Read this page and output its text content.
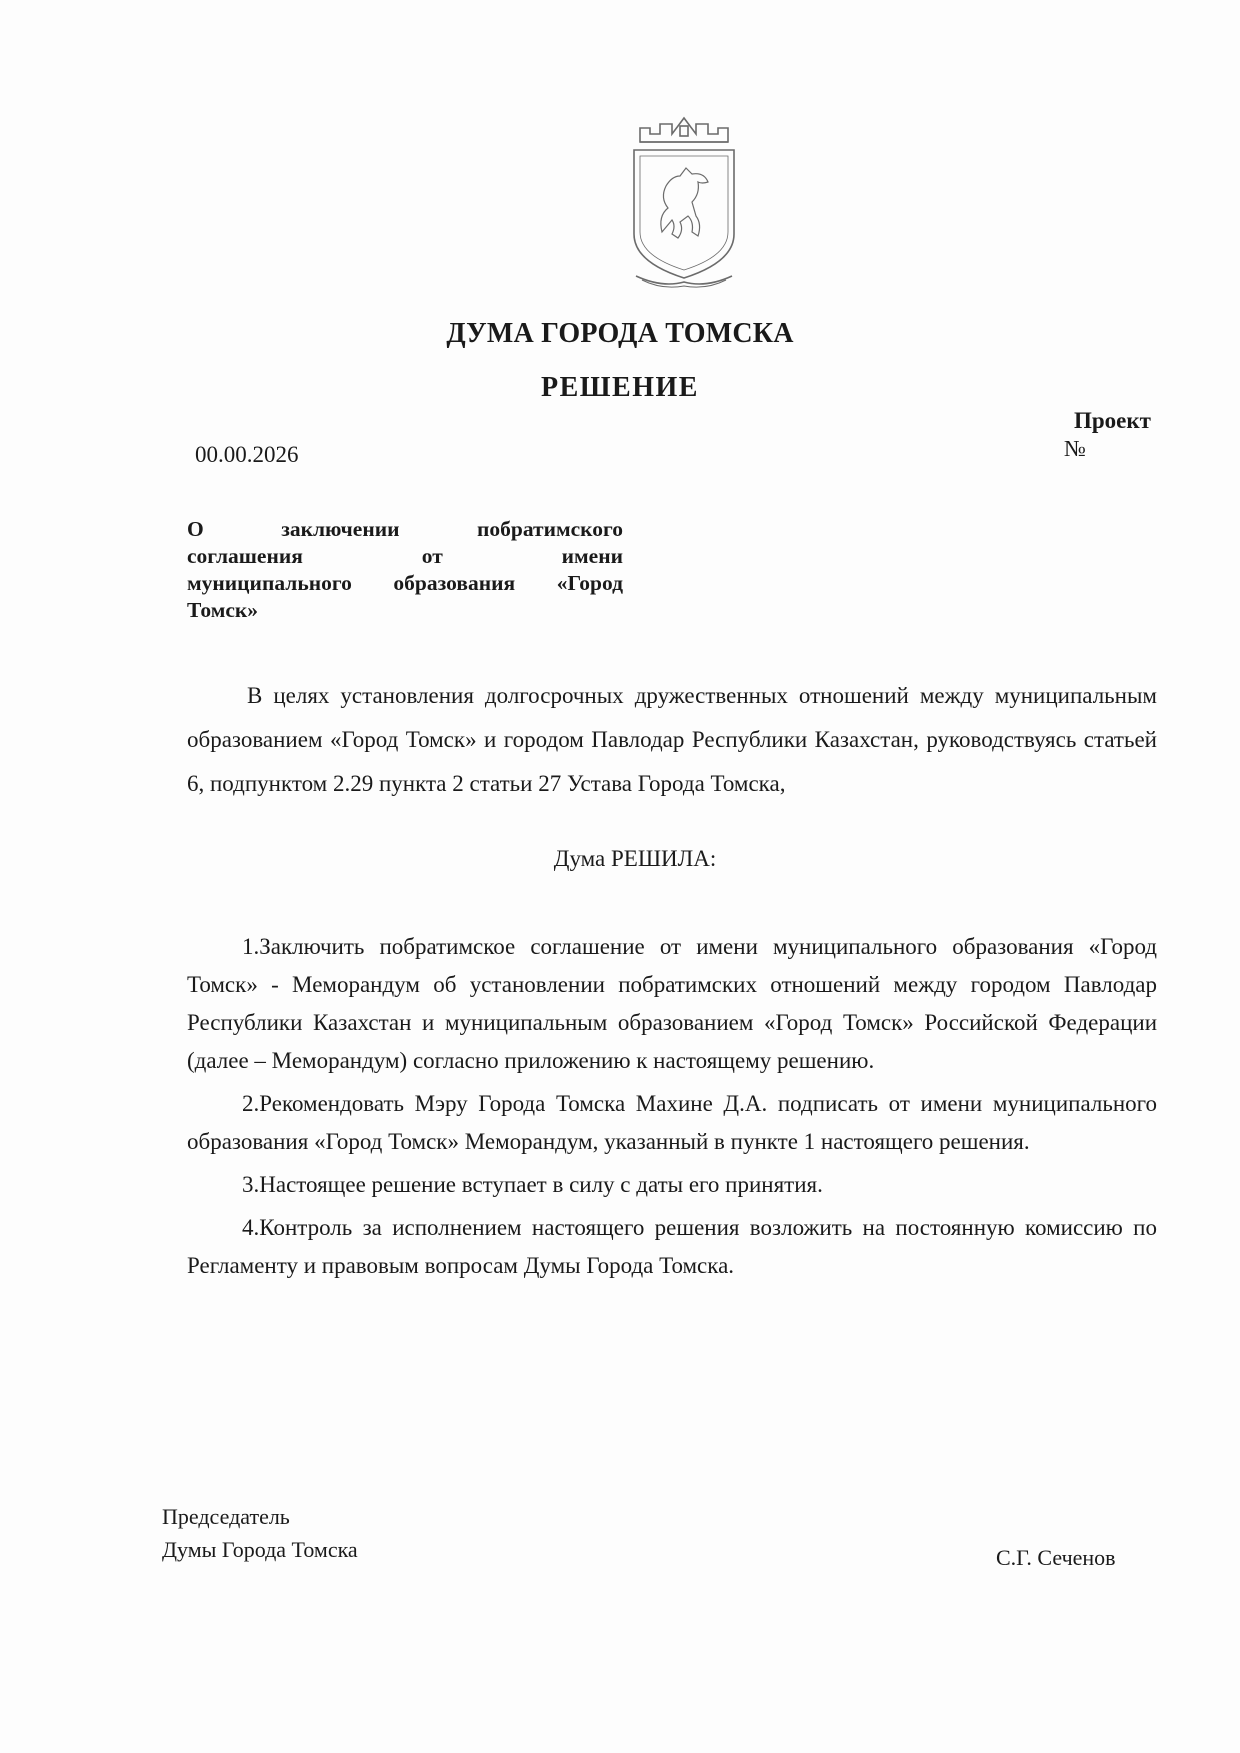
ДУМА ГОРОДА ТОМСКА
РЕШЕНИЕ
Проект
№
00.00.2026
О заключении побратимского
соглашения от имени
муниципального образования «Город
Томск»
В целях установления долгосрочных дружественных отношений между муниципальным образованием «Город Томск» и городом Павлодар Республики Казахстан, руководствуясь статьей 6, подпунктом 2.29 пункта 2 статьи 27 Устава Города Томска,
Дума РЕШИЛА:
1.Заключить побратимское соглашение от имени муниципального образования «Город Томск» - Меморандум об установлении побратимских отношений между городом Павлодар Республики Казахстан и муниципальным образованием «Город Томск» Российской Федерации (далее – Меморандум) согласно приложению к настоящему решению.
2.Рекомендовать Мэру Города Томска Махине Д.А. подписать от имени муниципального образования «Город Томск» Меморандум, указанный в пункте 1 настоящего решения.
3.Настоящее решение вступает в силу с даты его принятия.
4.Контроль за исполнением настоящего решения возложить на постоянную комиссию по Регламенту и правовым вопросам Думы Города Томска.
Председатель
Думы Города Томска	С.Г. Сеченов
